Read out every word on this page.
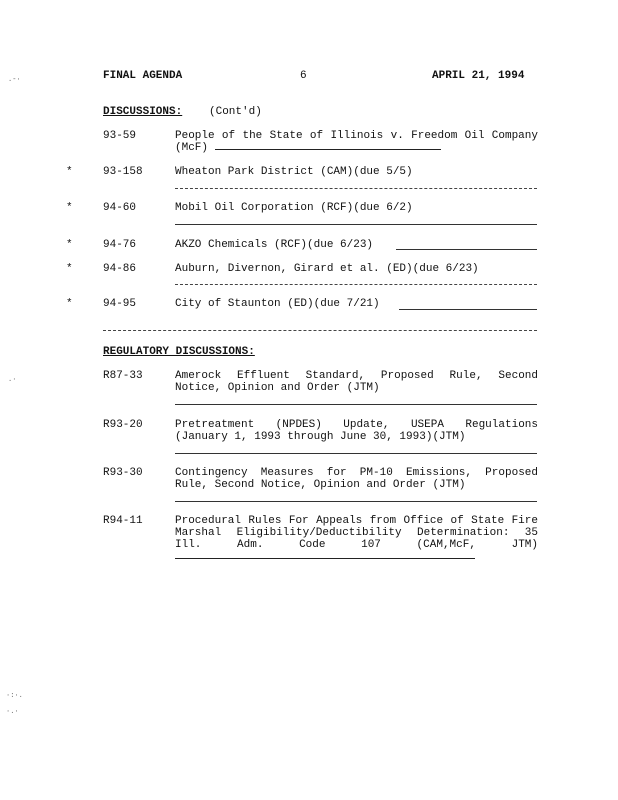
FINAL AGENDA	6	APRIL 21, 1994
DISCUSSIONS: (Cont'd)
93-59	People of the State of Illinois v. Freedom Oil Company (McF)
*	93-158	Wheaton Park District (CAM)(due 5/5)
*	94-60	Mobil Oil Corporation (RCF)(due 6/2)
*	94-76	AKZO Chemicals (RCF)(due 6/23)
*	94-86	Auburn, Divernon, Girard et al. (ED)(due 6/23)
*	94-95	City of Staunton (ED)(due 7/21)
REGULATORY DISCUSSIONS:
R87-33	Amerock Effluent Standard, Proposed Rule, Second Notice, Opinion and Order (JTM)
R93-20	Pretreatment (NPDES) Update, USEPA Regulations (January 1, 1993 through June 30, 1993)(JTM)
R93-30	Contingency Measures for PM-10 Emissions, Proposed Rule, Second Notice, Opinion and Order (JTM)
R94-11	Procedural Rules For Appeals from Office of State Fire Marshal Eligibility/Deductibility Determination: 35 Ill. Adm. Code 107 (CAM,McF, JTM)
.-·
.·
·:·.
·.·
